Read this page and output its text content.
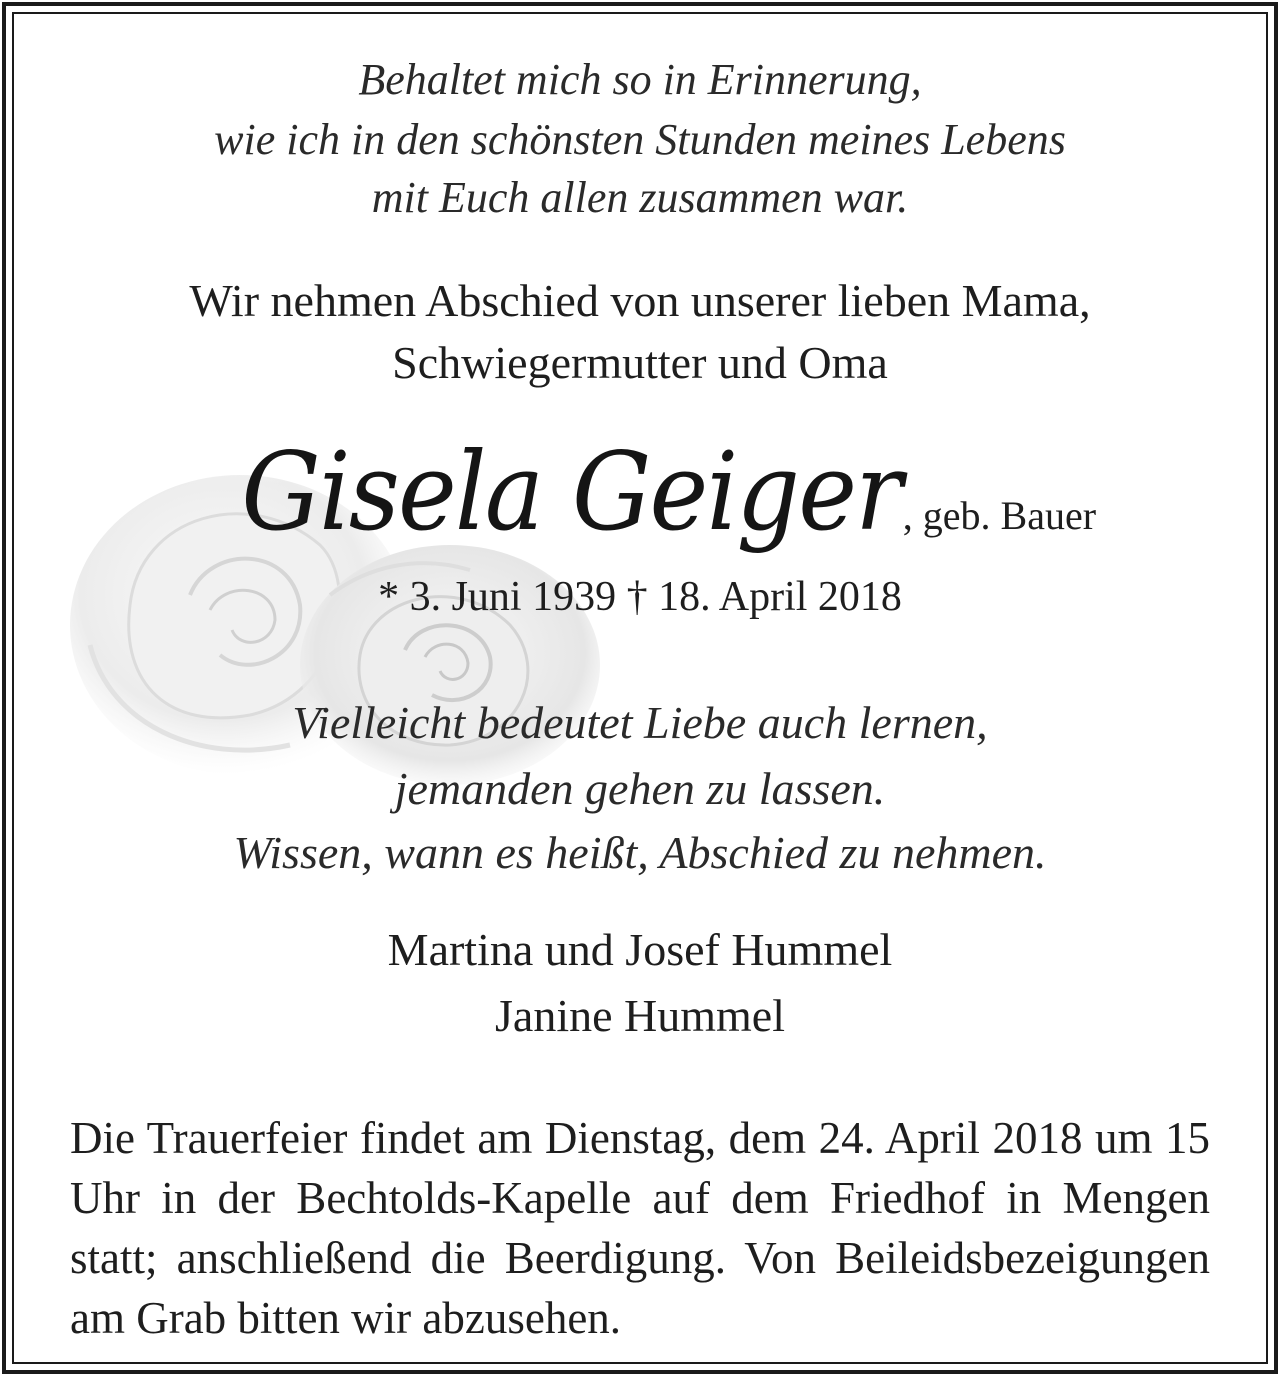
Behaltet mich so in Erinnerung,
wie ich in den schönsten Stunden meines Lebens
mit Euch allen zusammen war.
Wir nehmen Abschied von unserer lieben Mama,
Schwiegermutter und Oma
Gisela Geiger, geb. Bauer
* 3. Juni 1939 † 18. April 2018
Vielleicht bedeutet Liebe auch lernen,
jemanden gehen zu lassen.
Wissen, wann es heißt, Abschied zu nehmen.
Martina und Josef Hummel
Janine Hummel
Die Trauerfeier findet am Dienstag, dem 24. April 2018 um 15 Uhr in der Bechtolds-Kapelle auf dem Friedhof in Mengen statt; anschließend die Beerdigung. Von Beileidsbezeigungen am Grab bitten wir abzusehen.
